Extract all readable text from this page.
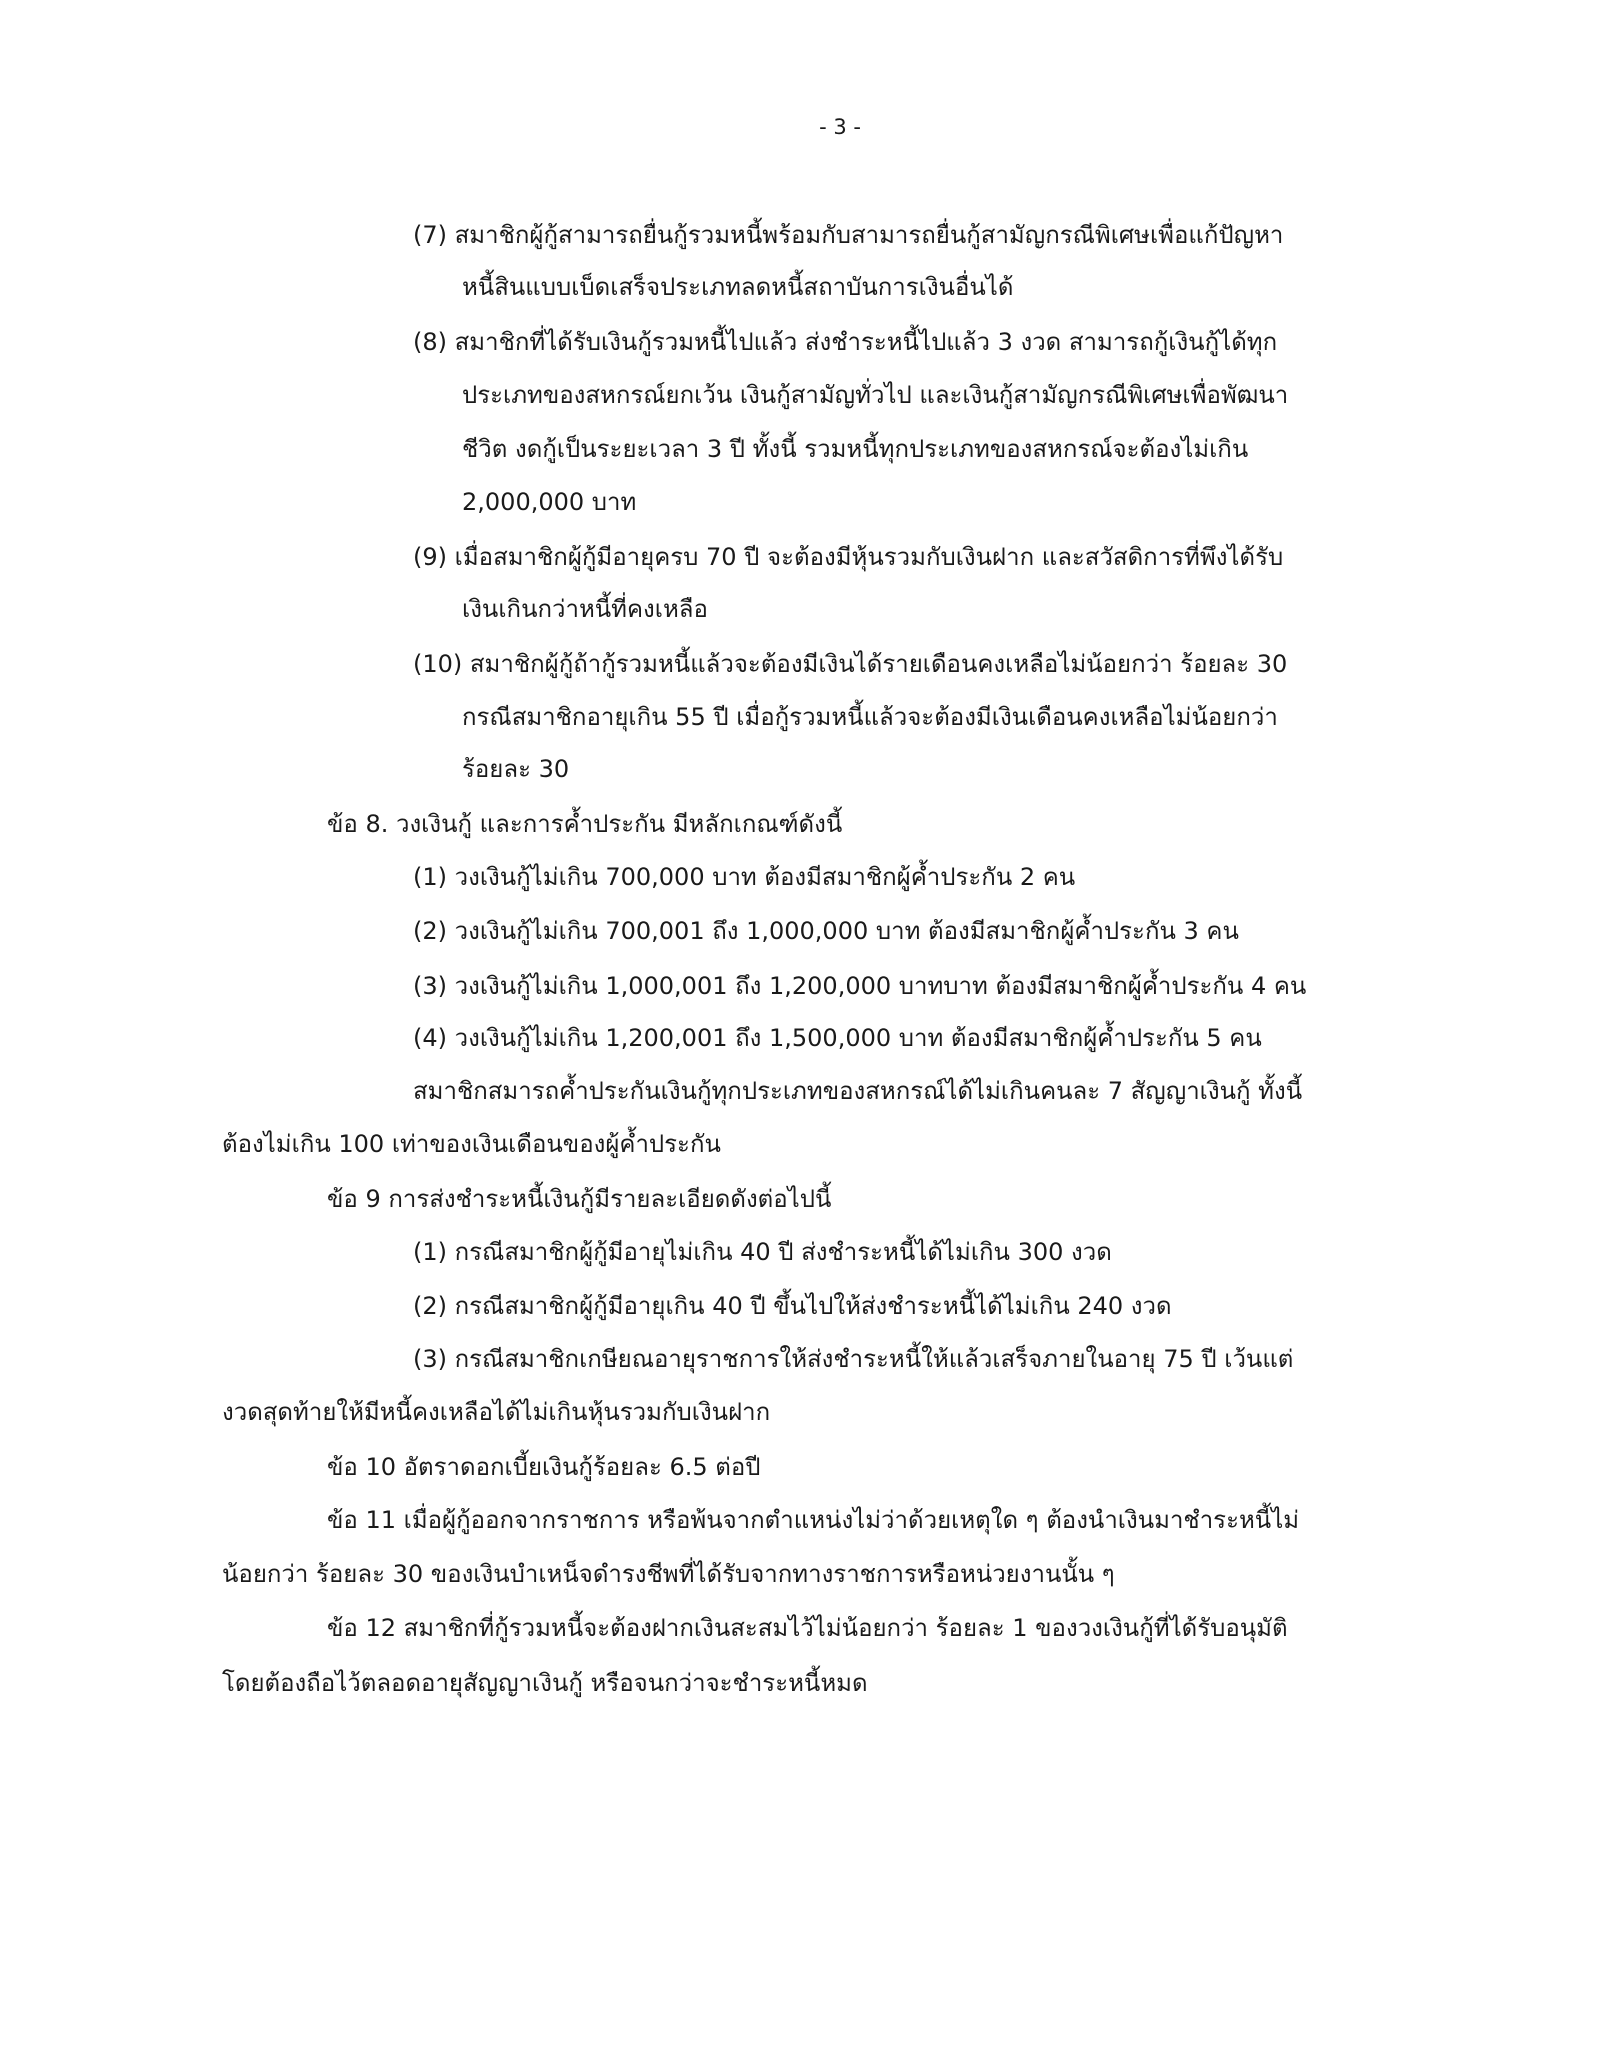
- 3 -
(7) สมาชิกผู้กู้สามารถยื่นกู้รวมหนี้พร้อมกับสามารถยื่นกู้สามัญกรณีพิเศษเพื่อแก้ปัญหา
หนี้สินแบบเบ็ดเสร็จประเภทลดหนี้สถาบันการเงินอื่นได้
(8) สมาชิกที่ได้รับเงินกู้รวมหนี้ไปแล้ว ส่งชำระหนี้ไปแล้ว 3 งวด สามารถกู้เงินกู้ได้ทุก
ประเภทของสหกรณ์ยกเว้น เงินกู้สามัญทั่วไป และเงินกู้สามัญกรณีพิเศษเพื่อพัฒนา
ชีวิต งดกู้เป็นระยะเวลา 3 ปี ทั้งนี้ รวมหนี้ทุกประเภทของสหกรณ์จะต้องไม่เกิน
2,000,000 บาท
(9) เมื่อสมาชิกผู้กู้มีอายุครบ 70 ปี จะต้องมีหุ้นรวมกับเงินฝาก และสวัสดิการที่พึงได้รับ
เงินเกินกว่าหนี้ที่คงเหลือ
(10) สมาชิกผู้กู้ถ้ากู้รวมหนี้แล้วจะต้องมีเงินได้รายเดือนคงเหลือไม่น้อยกว่า ร้อยละ 30
กรณีสมาชิกอายุเกิน 55 ปี เมื่อกู้รวมหนี้แล้วจะต้องมีเงินเดือนคงเหลือไม่น้อยกว่า
ร้อยละ 30
ข้อ 8. วงเงินกู้ และการค้ำประกัน มีหลักเกณฑ์ดังนี้
(1) วงเงินกู้ไม่เกิน 700,000 บาท ต้องมีสมาชิกผู้ค้ำประกัน 2 คน
(2) วงเงินกู้ไม่เกิน 700,001 ถึง 1,000,000 บาท ต้องมีสมาชิกผู้ค้ำประกัน 3 คน
(3) วงเงินกู้ไม่เกิน 1,000,001 ถึง 1,200,000 บาทบาท ต้องมีสมาชิกผู้ค้ำประกัน 4 คน
(4) วงเงินกู้ไม่เกิน 1,200,001 ถึง 1,500,000 บาท ต้องมีสมาชิกผู้ค้ำประกัน 5 คน
สมาชิกสมารถค้ำประกันเงินกู้ทุกประเภทของสหกรณ์ได้ไม่เกินคนละ 7 สัญญาเงินกู้ ทั้งนี้
ต้องไม่เกิน 100 เท่าของเงินเดือนของผู้ค้ำประกัน
ข้อ 9 การส่งชำระหนี้เงินกู้มีรายละเอียดดังต่อไปนี้
(1) กรณีสมาชิกผู้กู้มีอายุไม่เกิน 40 ปี ส่งชำระหนี้ได้ไม่เกิน 300 งวด
(2) กรณีสมาชิกผู้กู้มีอายุเกิน 40 ปี ขึ้นไปให้ส่งชำระหนี้ได้ไม่เกิน 240 งวด
(3) กรณีสมาชิกเกษียณอายุราชการให้ส่งชำระหนี้ให้แล้วเสร็จภายในอายุ 75 ปี เว้นแต่
งวดสุดท้ายให้มีหนี้คงเหลือได้ไม่เกินหุ้นรวมกับเงินฝาก
ข้อ 10 อัตราดอกเบี้ยเงินกู้ร้อยละ 6.5 ต่อปี
ข้อ 11 เมื่อผู้กู้ออกจากราชการ หรือพ้นจากตำแหน่งไม่ว่าด้วยเหตุใด ๆ ต้องนำเงินมาชำระหนี้ไม่
น้อยกว่า ร้อยละ 30 ของเงินบำเหน็จดำรงชีพที่ได้รับจากทางราชการหรือหน่วยงานนั้น ๆ
ข้อ 12 สมาชิกที่กู้รวมหนี้จะต้องฝากเงินสะสมไว้ไม่น้อยกว่า ร้อยละ 1 ของวงเงินกู้ที่ได้รับอนุมัติ
โดยต้องถือไว้ตลอดอายุสัญญาเงินกู้ หรือจนกว่าจะชำระหนี้หมด
